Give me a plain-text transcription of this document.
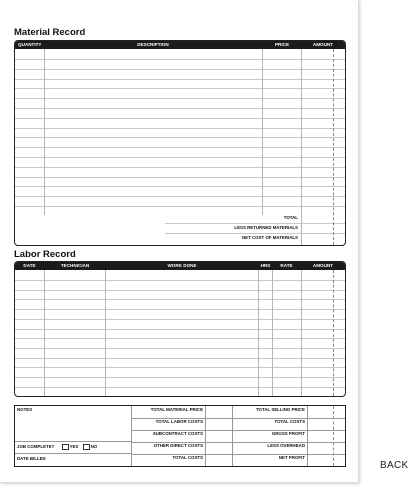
Material Record
QUANTITY	DESCRIPTION	PRICE	AMOUNT
TOTAL
LESS RETURNED MATERIALS
NET COST OF MATERIALS
Labor Record
DATE	TECHNICIAN	WORK DONE	HRS	RATE	AMOUNT
NOTES
JOB COMPLETE?	YES	NO
DATE BILLED
TOTAL MATERIAL PRICE
TOTAL LABOR COSTS
SUBCONTRACT COSTS
OTHER DIRECT COSTS
TOTAL COSTS
TOTAL SELLING PRICE
TOTAL COSTS
GROSS PROFIT
LESS OVERHEAD
NET PROFIT
BACK
